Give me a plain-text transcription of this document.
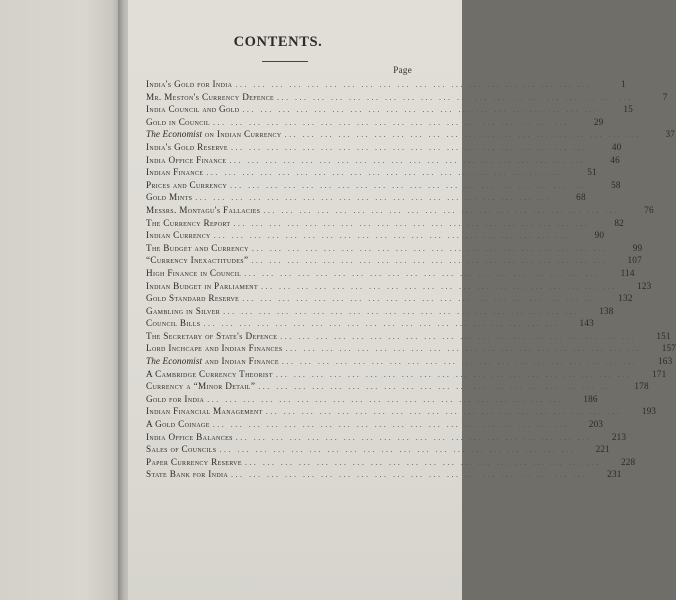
CONTENTS.
Page
India's Gold for India ... ... ... ... ... ... ... ... ... ... ... ... ... ... ... ... ... ... ... ...	1
Mr. Meston's Currency Defence ... ... ... ... ... ... ... ... ... ... ... ... ... ... ... ... ... ... ... ...	7
India Council and Gold ... ... ... ... ... ... ... ... ... ... ... ... ... ... ... ... ... ... ... ...	15
Gold in Council ... ... ... ... ... ... ... ... ... ... ... ... ... ... ... ... ... ... ... ...	29
The Economist on Indian Currency ... ... ... ... ... ... ... ... ... ... ... ... ... ... ... ... ... ... ... ...	37
India's Gold Reserve ... ... ... ... ... ... ... ... ... ... ... ... ... ... ... ... ... ... ... ...	40
India Office Finance ... ... ... ... ... ... ... ... ... ... ... ... ... ... ... ... ... ... ... ...	46
Indian Finance ... ... ... ... ... ... ... ... ... ... ... ... ... ... ... ... ... ... ... ...	51
Prices and Currency ... ... ... ... ... ... ... ... ... ... ... ... ... ... ... ... ... ... ... ...	58
Gold Mints ... ... ... ... ... ... ... ... ... ... ... ... ... ... ... ... ... ... ... ...	68
Messrs. Montagu's Fallacies ... ... ... ... ... ... ... ... ... ... ... ... ... ... ... ... ... ... ... ...	76
The Currency Report ... ... ... ... ... ... ... ... ... ... ... ... ... ... ... ... ... ... ... ...	82
Indian Currency ... ... ... ... ... ... ... ... ... ... ... ... ... ... ... ... ... ... ... ...	90
The Budget and Currency ... ... ... ... ... ... ... ... ... ... ... ... ... ... ... ... ... ... ... ...	99
“Currency Inexactitudes” ... ... ... ... ... ... ... ... ... ... ... ... ... ... ... ... ... ... ... ...	107
High Finance in Council ... ... ... ... ... ... ... ... ... ... ... ... ... ... ... ... ... ... ... ...	114
Indian Budget in Parliament ... ... ... ... ... ... ... ... ... ... ... ... ... ... ... ... ... ... ... ...	123
Gold Standard Reserve ... ... ... ... ... ... ... ... ... ... ... ... ... ... ... ... ... ... ... ...	132
Gambling in Silver ... ... ... ... ... ... ... ... ... ... ... ... ... ... ... ... ... ... ... ...	138
Council Bills ... ... ... ... ... ... ... ... ... ... ... ... ... ... ... ... ... ... ... ...	143
The Secretary of State's Defence ... ... ... ... ... ... ... ... ... ... ... ... ... ... ... ... ... ... ... ...	151
Lord Inchcape and Indian Finances ... ... ... ... ... ... ... ... ... ... ... ... ... ... ... ... ... ... ... ...	157
The Economist and Indian Finance ... ... ... ... ... ... ... ... ... ... ... ... ... ... ... ... ... ... ... ...	163
A Cambridge Currency Theorist ... ... ... ... ... ... ... ... ... ... ... ... ... ... ... ... ... ... ... ...	171
Currency a “Minor Detail” ... ... ... ... ... ... ... ... ... ... ... ... ... ... ... ... ... ... ... ...	178
Gold for India ... ... ... ... ... ... ... ... ... ... ... ... ... ... ... ... ... ... ... ...	186
Indian Financial Management ... ... ... ... ... ... ... ... ... ... ... ... ... ... ... ... ... ... ... ...	193
A Gold Coinage ... ... ... ... ... ... ... ... ... ... ... ... ... ... ... ... ... ... ... ...	203
India Office Balances ... ... ... ... ... ... ... ... ... ... ... ... ... ... ... ... ... ... ... ...	213
Sales of Councils ... ... ... ... ... ... ... ... ... ... ... ... ... ... ... ... ... ... ... ...	221
Paper Currency Reserve ... ... ... ... ... ... ... ... ... ... ... ... ... ... ... ... ... ... ... ...	228
State Bank for India ... ... ... ... ... ... ... ... ... ... ... ... ... ... ... ... ... ... ... ...	231
